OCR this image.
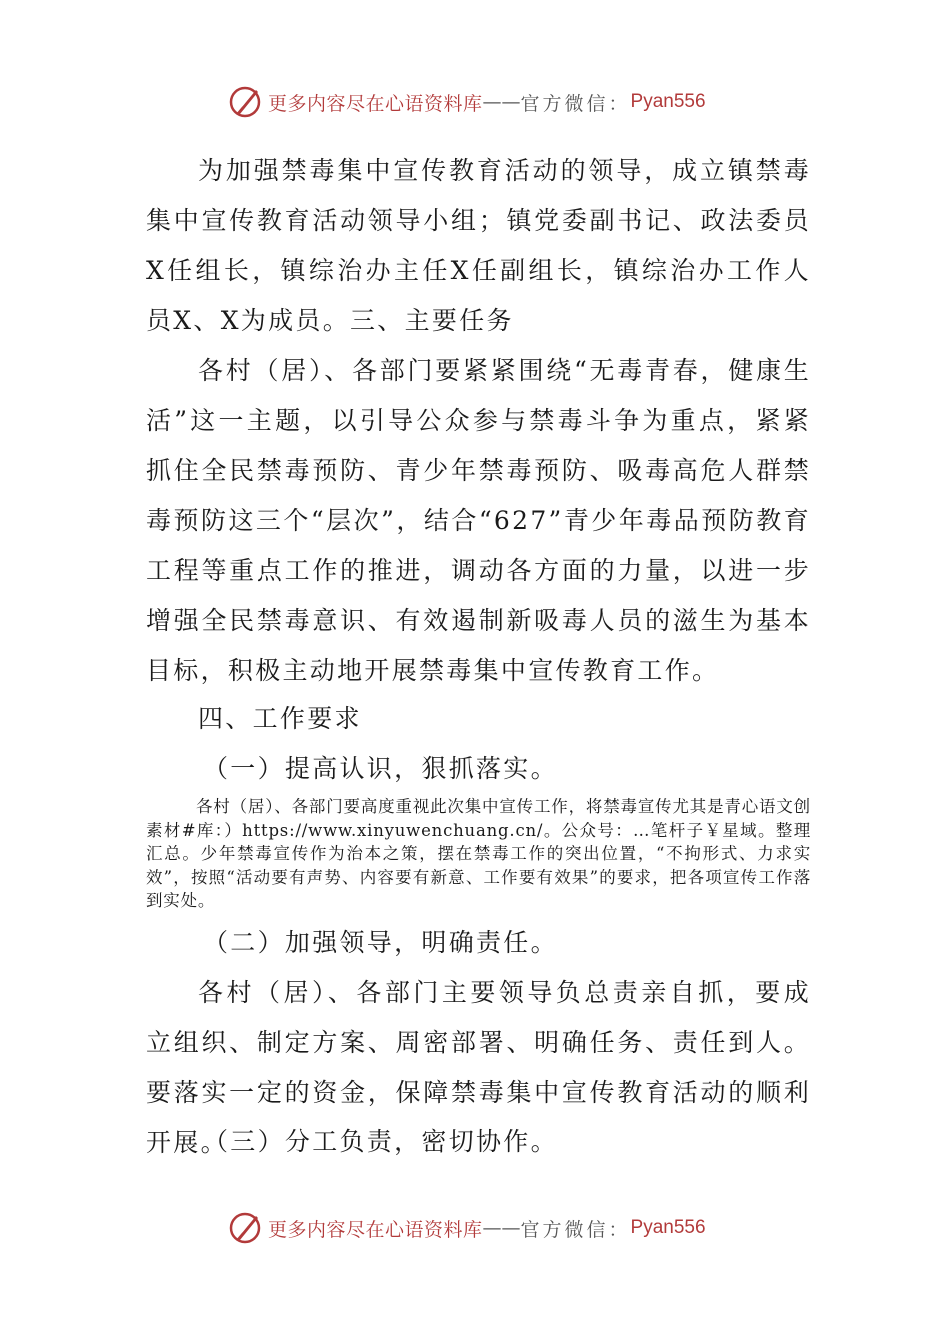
更多内容尽在心语资料库 —— 官方微信： Pyan556

为加强禁毒集中宣传教育活动的领导，成立镇禁毒集中宣传教育活动领导小组；镇党委副书记、政法委员X任组长，镇综治办主任X任副组长，镇综治办工作人员X、X为成员。三、主要任务

各村（居）、各部门要紧紧围绕“无毒青春，健康生活”这一主题，以引导公众参与禁毒斗争为重点，紧紧抓住全民禁毒预防、青少年禁毒预防、吸毒高危人群禁毒预防这三个“层次”，结合“627”青少年毒品预防教育工程等重点工作的推进，调动各方面的力量，以进一步增强全民禁毒意识、有效遏制新吸毒人员的滋生为基本目标，积极主动地开展禁毒集中宣传教育工作。

四、工作要求

（一）提高认识，狠抓落实。

各村（居）、各部门要高度重视此次集中宣传工作，将禁毒宣传尤其是青心语文创素材#库：）https://www.xinyuwenchuang.cn/。公众号：…笔杆子￥星域。整理汇总。少年禁毒宣传作为治本之策，摆在禁毒工作的突出位置，“不拘形式、力求实效”，按照“活动要有声势、内容要有新意、工作要有效果”的要求，把各项宣传工作落到实处。

（二）加强领导，明确责任。

各村（居）、各部门主要领导负总责亲自抓，要成立组织、制定方案、周密部署、明确任务、责任到人。要落实一定的资金，保障禁毒集中宣传教育活动的顺利开展。

（三）分工负责，密切协作。

更多内容尽在心语资料库 —— 官方微信： Pyan556
